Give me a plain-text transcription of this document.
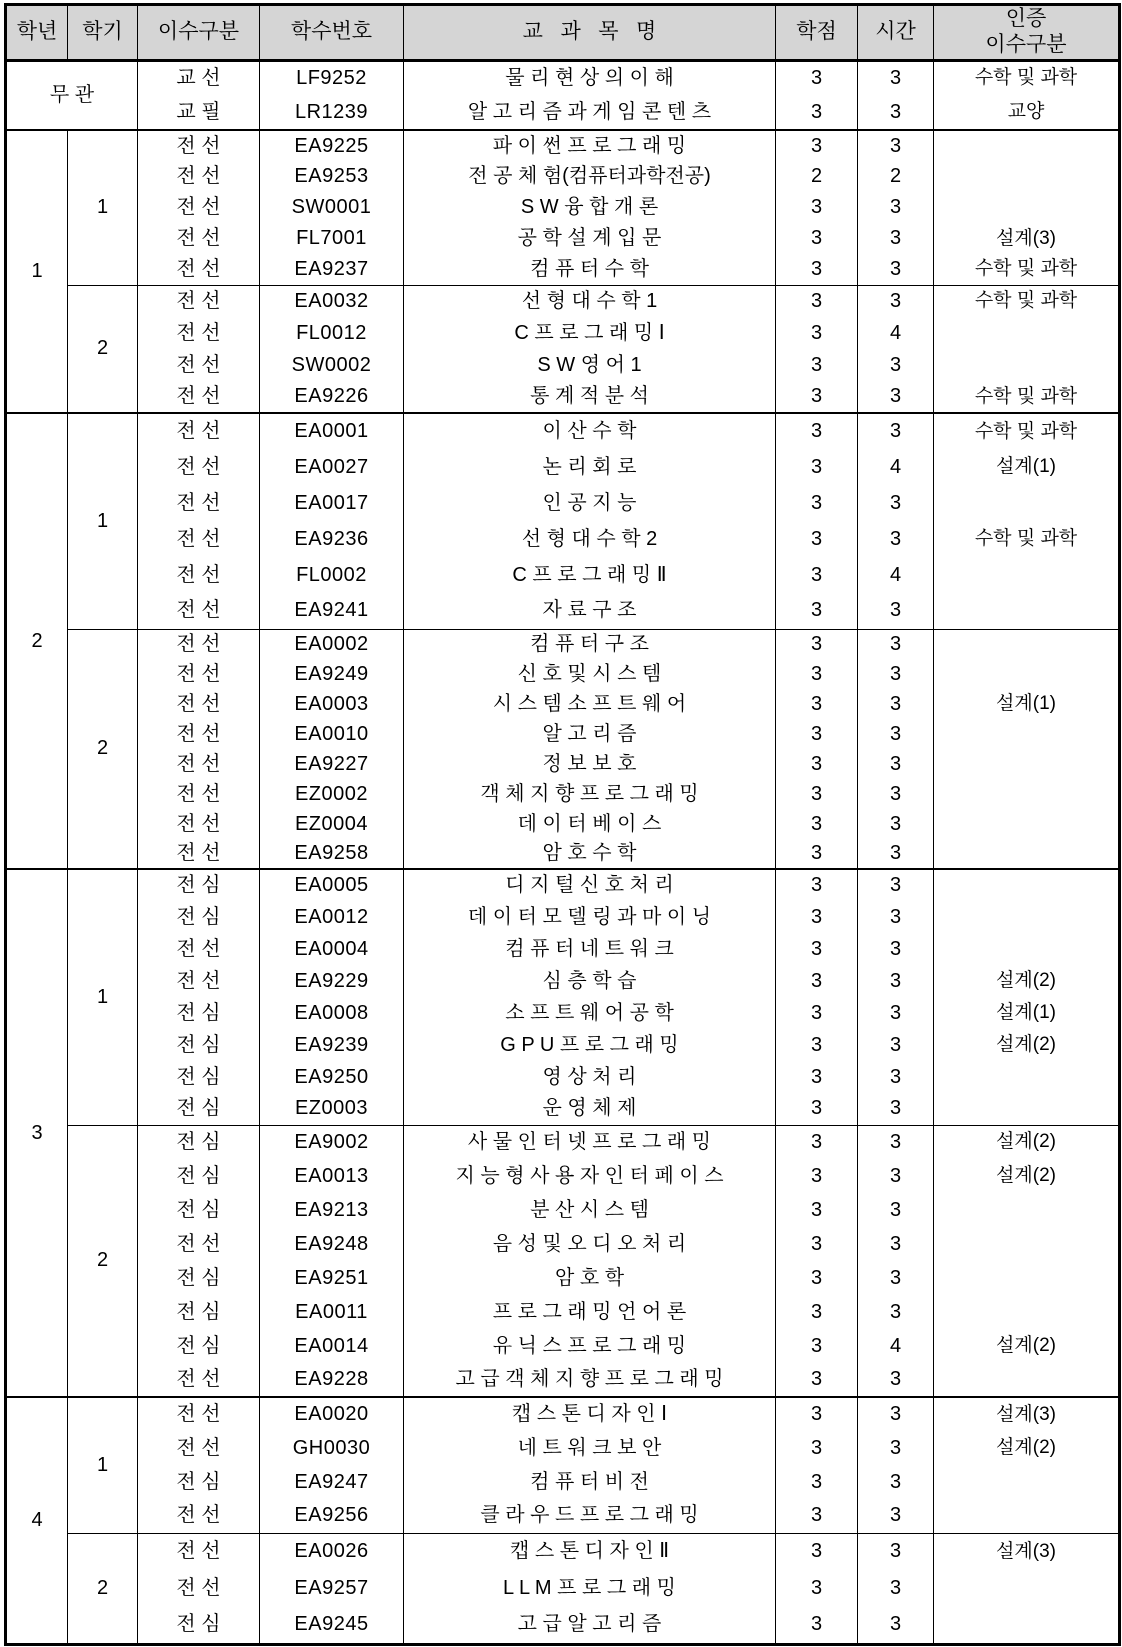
학년	학기	이수구분	학수번호	교   과   목   명	학점	시간	인증
이수구분

무 관		교 선	LF9252	물 리 현 상 의 이 해	3	3	수학 및 과학
		교 필	LR1239	알 고 리 즘 과 게 임 콘 텐 츠	3	3	교양
1	1	전 선	EA9225	파 이 썬 프 로 그 래 밍	3	3	
		전 선	EA9253	전 공 체 험(컴퓨터과학전공)	2	2	
		전 선	SW0001	S W 융 합 개 론	3	3	
		전 선	FL7001	공 학 설 계 입 문	3	3	설계(3)
		전 선	EA9237	컴 퓨 터 수 학	3	3	수학 및 과학
	2	전 선	EA0032	선 형 대 수 학 1	3	3	수학 및 과학
		전 선	FL0012	C 프 로 그 래 밍 Ⅰ	3	4	
		전 선	SW0002	S W 영 어 1	3	3	
		전 선	EA9226	통 계 적 분 석	3	3	수학 및 과학
2	1	전 선	EA0001	이 산 수 학	3	3	수학 및 과학
		전 선	EA0027	논 리 회 로	3	4	설계(1)
		전 선	EA0017	인 공 지 능	3	3	
		전 선	EA9236	선 형 대 수 학 2	3	3	수학 및 과학
		전 선	FL0002	C 프 로 그 래 밍 Ⅱ	3	4	
		전 선	EA9241	자 료 구 조	3	3	
	2	전 선	EA0002	컴 퓨 터 구 조	3	3	
		전 선	EA9249	신 호 및 시 스 템	3	3	
		전 선	EA0003	시 스 템 소 프 트 웨 어	3	3	설계(1)
		전 선	EA0010	알 고 리 즘	3	3	
		전 선	EA9227	정 보 보 호	3	3	
		전 선	EZ0002	객 체 지 향 프 로 그 래 밍	3	3	
		전 선	EZ0004	데 이 터 베 이 스	3	3	
		전 선	EA9258	암 호 수 학	3	3	
3	1	전 심	EA0005	디 지 털 신 호 처 리	3	3	
		전 심	EA0012	데 이 터 모 델 링 과 마 이 닝	3	3	
		전 선	EA0004	컴 퓨 터 네 트 워 크	3	3	
		전 선	EA9229	심 층 학 습	3	3	설계(2)
		전 심	EA0008	소 프 트 웨 어 공 학	3	3	설계(1)
		전 심	EA9239	G P U 프 로 그 래 밍	3	3	설계(2)
		전 심	EA9250	영 상 처 리	3	3	
		전 심	EZ0003	운 영 체 제	3	3	
	2	전 심	EA9002	사 물 인 터 넷 프 로 그 래 밍	3	3	설계(2)
		전 심	EA0013	지 능 형 사 용 자 인 터 페 이 스	3	3	설계(2)
		전 심	EA9213	분 산 시 스 템	3	3	
		전 선	EA9248	음 성 및 오 디 오 처 리	3	3	
		전 심	EA9251	암 호 학	3	3	
		전 심	EA0011	프 로 그 래 밍 언 어 론	3	3	
		전 심	EA0014	유 닉 스 프 로 그 래 밍	3	4	설계(2)
		전 선	EA9228	고 급 객 체 지 향 프 로 그 래 밍	3	3	
4	1	전 선	EA0020	캡 스 톤 디 자 인 Ⅰ	3	3	설계(3)
		전 선	GH0030	네 트 워 크 보 안	3	3	설계(2)
		전 심	EA9247	컴 퓨 터 비 전	3	3	
		전 선	EA9256	클 라 우 드 프 로 그 래 밍	3	3	
	2	전 선	EA0026	캡 스 톤 디 자 인 Ⅱ	3	3	설계(3)
		전 선	EA9257	L L M 프 로 그 래 밍	3	3	
		전 심	EA9245	고 급 알 고 리 즘	3	3	
